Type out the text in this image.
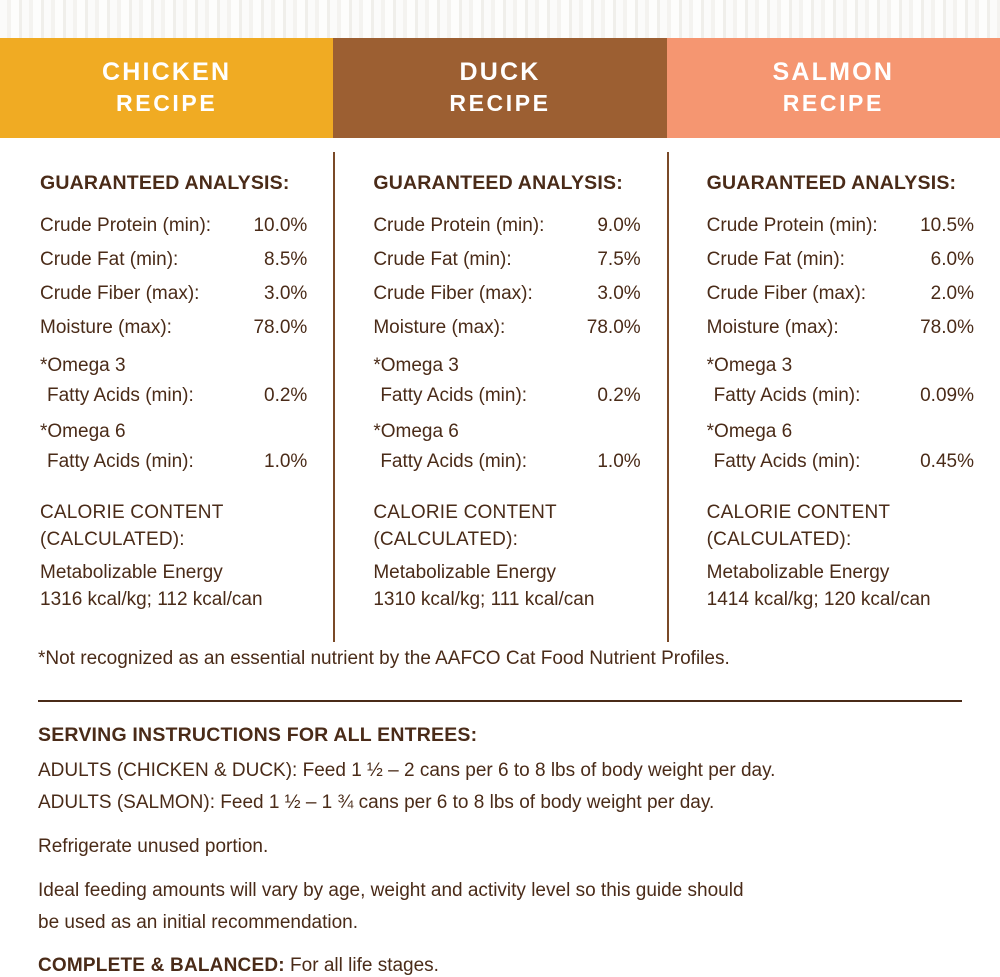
CHICKEN
RECIPE
DUCK
RECIPE
SALMON
RECIPE
GUARANTEED ANALYSIS:
Crude Protein (min):	10.0%
Crude Fat (min):	8.5%
Crude Fiber (max):	3.0%
Moisture (max):	78.0%
*Omega 3
Fatty Acids (min):	0.2%
*Omega 6
Fatty Acids (min):	1.0%
CALORIE CONTENT
(CALCULATED):
Metabolizable Energy
1316 kcal/kg; 112 kcal/can
GUARANTEED ANALYSIS:
Crude Protein (min):	9.0%
Crude Fat (min):	7.5%
Crude Fiber (max):	3.0%
Moisture (max):	78.0%
*Omega 3
Fatty Acids (min):	0.2%
*Omega 6
Fatty Acids (min):	1.0%
CALORIE CONTENT
(CALCULATED):
Metabolizable Energy
1310 kcal/kg; 111 kcal/can
GUARANTEED ANALYSIS:
Crude Protein (min):	10.5%
Crude Fat (min):	6.0%
Crude Fiber (max):	2.0%
Moisture (max):	78.0%
*Omega 3
Fatty Acids (min):	0.09%
*Omega 6
Fatty Acids (min):	0.45%
CALORIE CONTENT
(CALCULATED):
Metabolizable Energy
1414 kcal/kg; 120 kcal/can
*Not recognized as an essential nutrient by the AAFCO Cat Food Nutrient Profiles.
SERVING INSTRUCTIONS FOR ALL ENTREES:
ADULTS (CHICKEN & DUCK): Feed 1 ½ – 2 cans per 6 to 8 lbs of body weight per day.
ADULTS (SALMON): Feed 1 ½ – 1 ¾ cans per 6 to 8 lbs of body weight per day.
Refrigerate unused portion.
Ideal feeding amounts will vary by age, weight and activity level so this guide should
be used as an initial recommendation.
COMPLETE & BALANCED: For all life stages.
